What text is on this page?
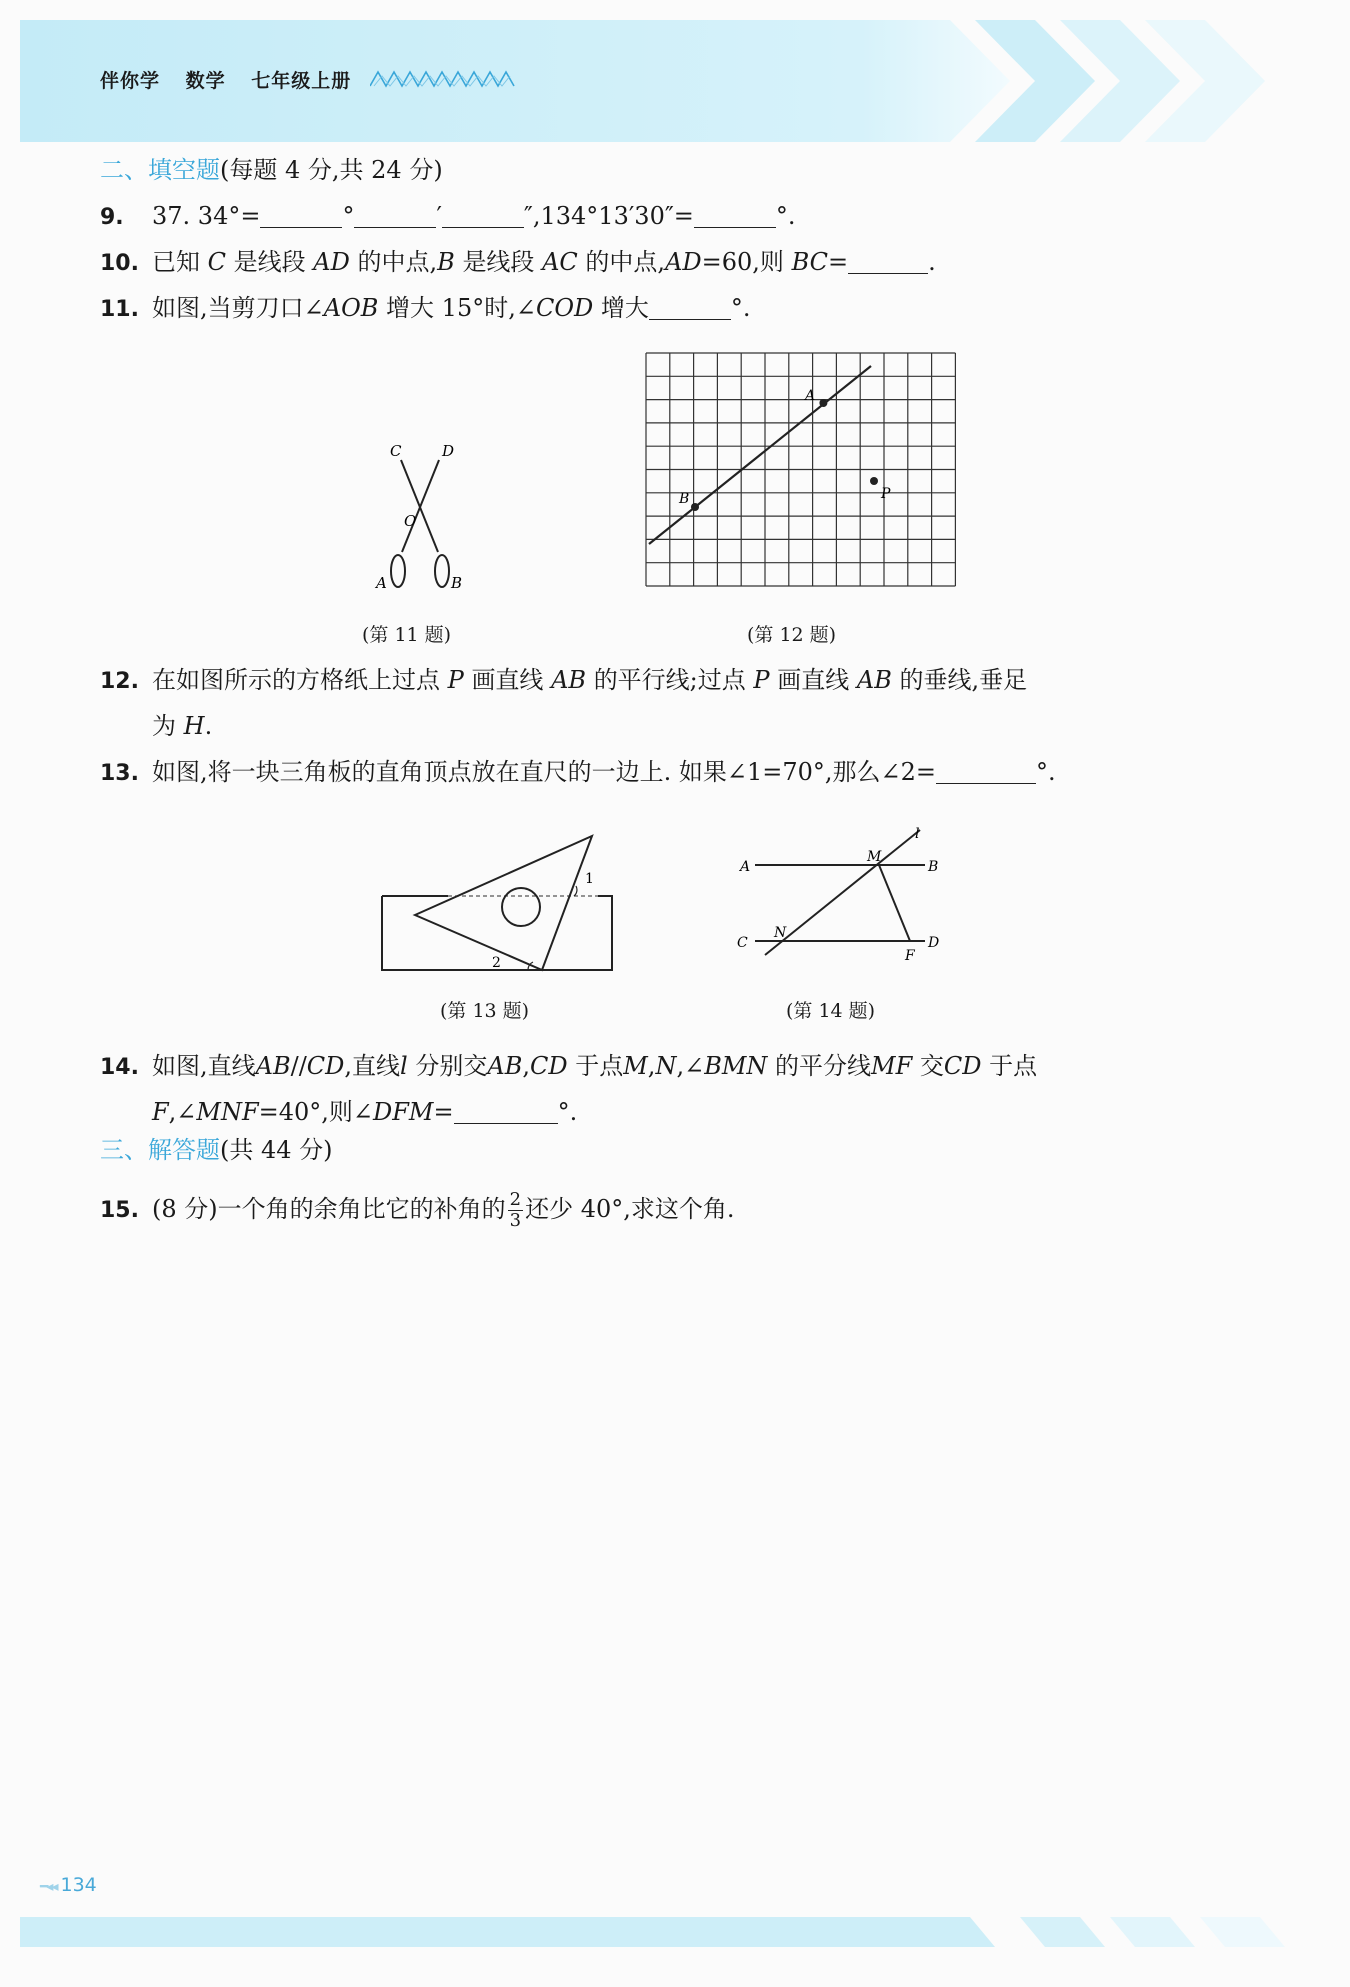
伴你学 数学 七年级上册
二、填空题(每题 4 分,共 24 分)
9. 37. 34°=	°	′	″,134°13′30″=	°.
10. 已知 C 是线段 AD 的中点,B 是线段 AC 的中点,AD=60,则 BC=	.
11. 如图,当剪刀口∠AOB 增大 15°时,∠COD 增大	°.
C	D
O
A	B
(第 11 题)
A
B	P
(第 12 题)
12. 在如图所示的方格纸上过点 P 画直线 AB 的平行线;过点 P 画直线 AB 的垂线,垂足
为 H.
13. 如图,将一块三角板的直角顶点放在直尺的一边上. 如果∠1=70°,那么∠2=	°.
1
2
(第 13 题)
A	B
C	D
M
N
F
l
(第 14 题)
14. 如图,直线AB//CD,直线l 分别交AB,CD 于点M,N,∠BMN 的平分线MF 交CD 于点
F,∠MNF=40°,则∠DFM=	°.
三、解答题(共 44 分)
15. (8 分)一个角的余角比它的补角的 $\frac{2}{3}$ 还少 40°,求这个角.
━◂◂ 134
